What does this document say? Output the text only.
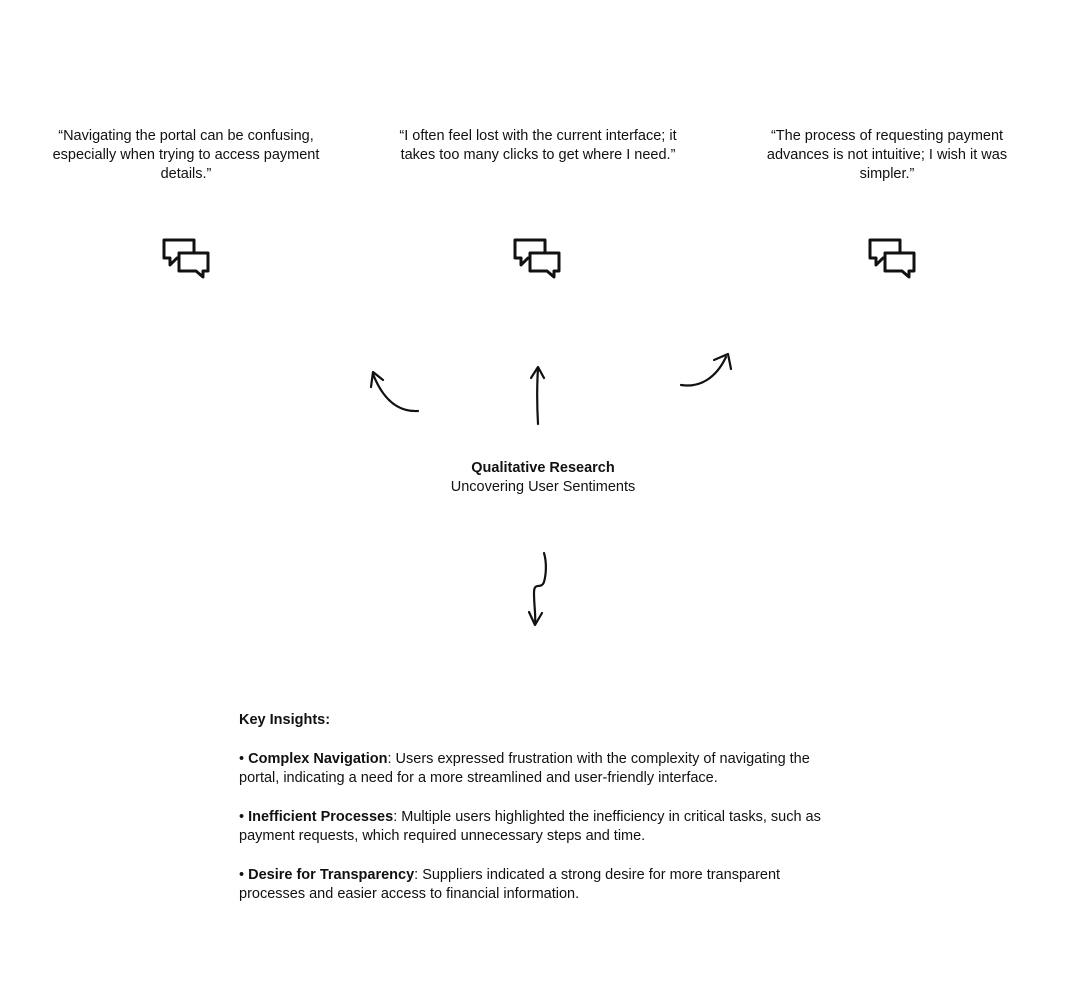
“Navigating the portal can be confusing, especially when trying to access payment details.”
“I often feel lost with the current interface; it takes too many clicks to get where I need.”
“The process of requesting payment advances is not intuitive; I wish it was simpler.”
Qualitative Research
Uncovering User Sentiments
Key Insights:
• Complex Navigation: Users expressed frustration with the complexity of navigating the portal, indicating a need for a more streamlined and user-friendly interface.
• Inefficient Processes: Multiple users highlighted the inefficiency in critical tasks, such as payment requests, which required unnecessary steps and time.
• Desire for Transparency: Suppliers indicated a strong desire for more transparent processes and easier access to financial information.
